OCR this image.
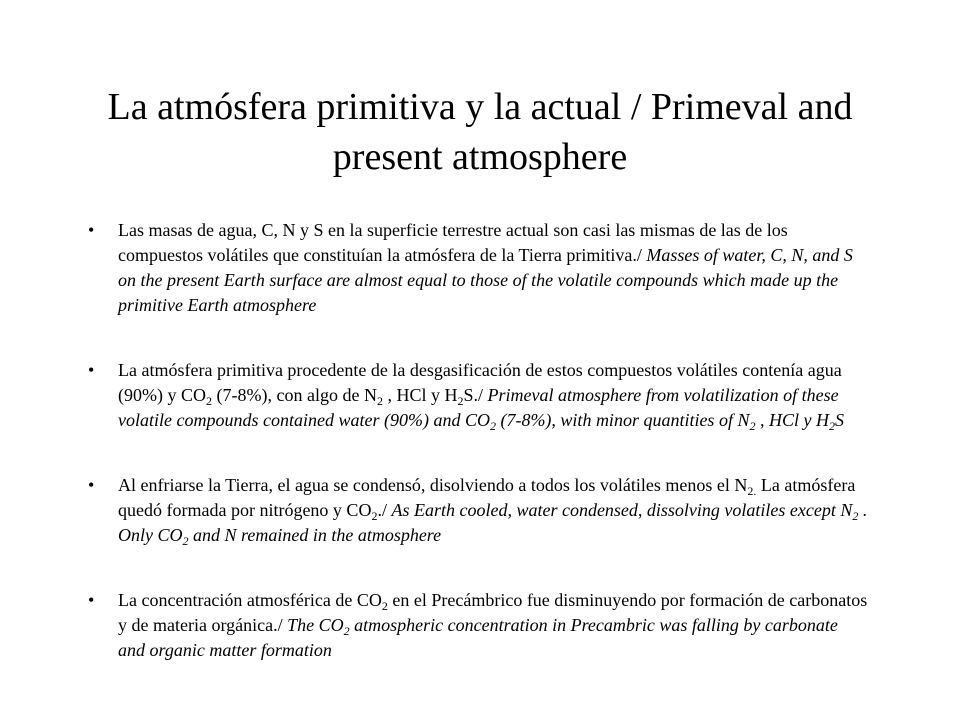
La atmósfera primitiva y la actual / Primeval and
present atmosphere
• Las masas de agua, C, N y S en la superficie terrestre actual son casi las mismas de las de los compuestos volátiles que constituían la atmósfera de la Tierra primitiva./ Masses of water, C, N, and S on the present Earth surface are almost equal to those of the volatile compounds which made up the primitive Earth atmosphere
• La atmósfera primitiva procedente de la desgasificación de estos compuestos volátiles contenía agua (90%) y $CO_2$ (7-8%), con algo de $N_2$ , HCl y $H_2S./$ Primeval atmosphere from volatilization of these volatile compounds contained water (90%) and $CO_2$ (7-8%), with minor quantities of $N_2$ , HCl y $H_2S$
• Al enfriarse la Tierra, el agua se condensó, disolviendo a todos los volátiles menos el $N_{2.}$ La atmósfera quedó formada por nitrógeno y $CO_2./$ As Earth cooled, water condensed, dissolving volatiles except $N_2$ . Only $CO_2$ and N remained in the atmosphere
• La concentración atmosférica de $CO_2$ en el Precámbrico fue disminuyendo por formación de carbonatos y de materia orgánica./ The $CO_2$ atmospheric concentration in Precambric was falling by carbonate and organic matter formation
